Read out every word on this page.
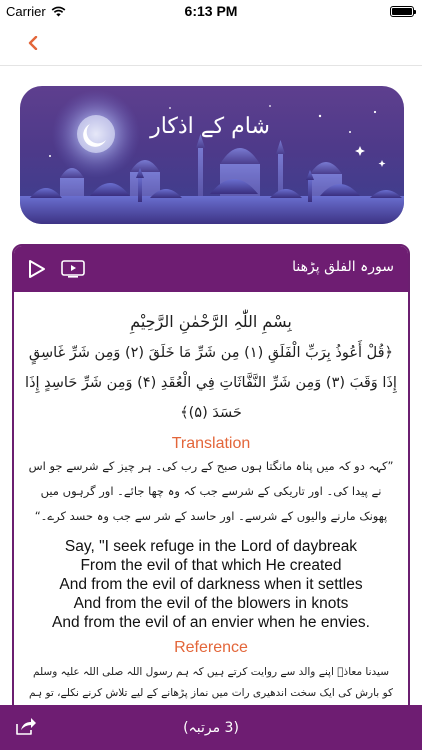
Carrier	6:13 PM
شام کے اذکار
سورہ الفلق پڑھنا
بِسْمِ اللّٰہِ الرَّحْمٰنِ الرَّحِیْمِ
﴿قُلْ أَعُوذُ بِرَبِّ الْفَلَقِ (۱) مِن شَرِّ مَا خَلَقَ (۲) وَمِن شَرِّ غَاسِقٍ إِذَا وَقَبَ (۳) وَمِن شَرِّ النَّفَّاثَاتِ فِي الْعُقَدِ (۴) وَمِن شَرِّ حَاسِدٍ إِذَا حَسَدَ (۵)﴾
Translation
”کہہ دو کہ میں پناہ مانگتا ہوں صبح کے رب کی۔ ہر چیز کے شرسے جو اس نے پیدا کی۔ اور تاریکی کے شرسے جب کہ وہ چھا جائے۔ اور گرہوں میں پھونک مارنے والیوں کے شرسے۔ اور حاسد کے شر سے جب وہ حسد کرے۔“
Say, "I seek refuge in the Lord of daybreak
From the evil of that which He created
And from the evil of darkness when it settles
And from the evil of the blowers in knots
And from the evil of an envier when he envies.
Reference
سیدنا معاذؓ اپنے والد سے روایت کرتے ہیں کہ ہم رسول اللہ صلی اللہ علیہ وسلم کو بارش کی ایک سخت اندھیری رات میں نماز پڑھانے کے لیے تلاش کرنے نکلے، تو ہم
(3 مرتبہ)
